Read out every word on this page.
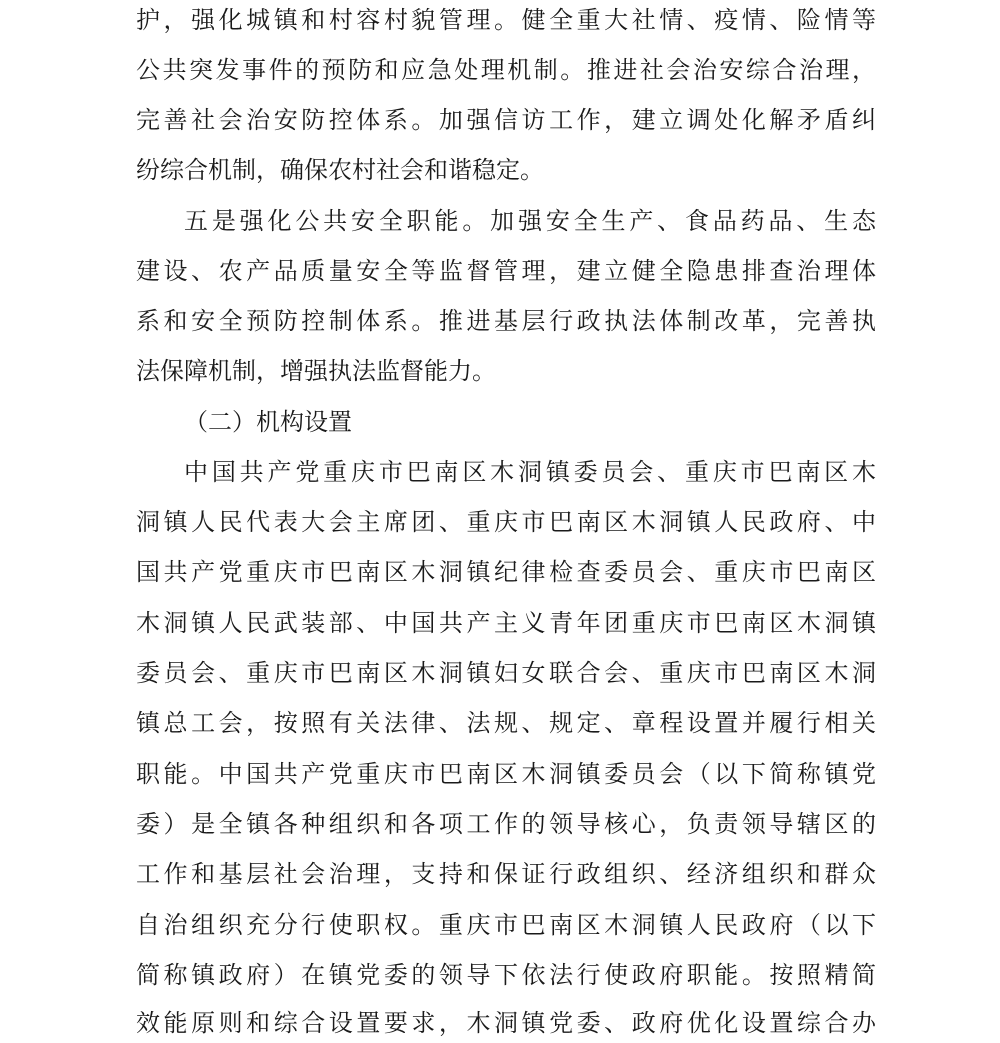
护，强化城镇和村容村貌管理。健全重大社情、疫情、险情等
公共突发事件的预防和应急处理机制。推进社会治安综合治理，
完善社会治安防控体系。加强信访工作，建立调处化解矛盾纠
纷综合机制，确保农村社会和谐稳定。
五是强化公共安全职能。加强安全生产、食品药品、生态
建设、农产品质量安全等监督管理，建立健全隐患排查治理体
系和安全预防控制体系。推进基层行政执法体制改革，完善执
法保障机制，增强执法监督能力。
（二）机构设置
中国共产党重庆市巴南区木洞镇委员会、重庆市巴南区木
洞镇人民代表大会主席团、重庆市巴南区木洞镇人民政府、中
国共产党重庆市巴南区木洞镇纪律检查委员会、重庆市巴南区
木洞镇人民武装部、中国共产主义青年团重庆市巴南区木洞镇
委员会、重庆市巴南区木洞镇妇女联合会、重庆市巴南区木洞
镇总工会，按照有关法律、法规、规定、章程设置并履行相关
职能。中国共产党重庆市巴南区木洞镇委员会（以下简称镇党
委）是全镇各种组织和各项工作的领导核心，负责领导辖区的
工作和基层社会治理，支持和保证行政组织、经济组织和群众
自治组织充分行使职权。重庆市巴南区木洞镇人民政府（以下
简称镇政府）在镇党委的领导下依法行使政府职能。按照精简
效能原则和综合设置要求，木洞镇党委、政府优化设置综合办
